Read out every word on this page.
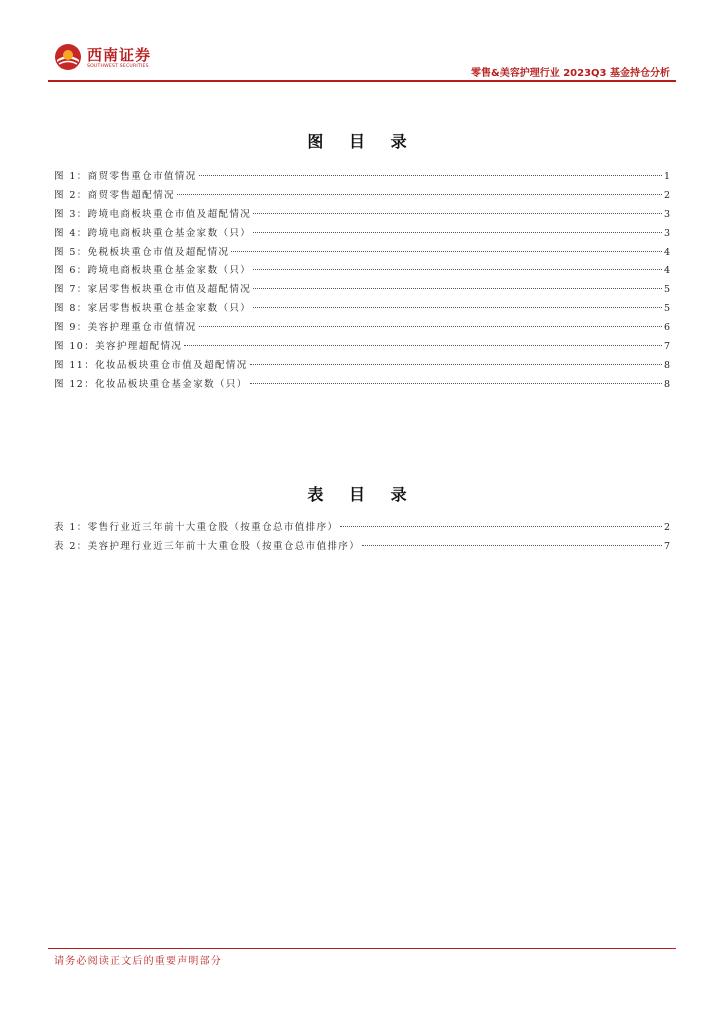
西南证券
SOUTHWEST SECURITIES
零售&美容护理行业 2023Q3 基金持仓分析
图 目 录
图 1：商贸零售重仓市值情况	1
图 2：商贸零售超配情况	2
图 3：跨境电商板块重仓市值及超配情况	3
图 4：跨境电商板块重仓基金家数（只）	3
图 5：免税板块重仓市值及超配情况	4
图 6：跨境电商板块重仓基金家数（只）	4
图 7：家居零售板块重仓市值及超配情况	5
图 8：家居零售板块重仓基金家数（只）	5
图 9：美容护理重仓市值情况	6
图 10：美容护理超配情况	7
图 11：化妆品板块重仓市值及超配情况	8
图 12：化妆品板块重仓基金家数（只）	8
表 目 录
表 1：零售行业近三年前十大重仓股（按重仓总市值排序）	2
表 2：美容护理行业近三年前十大重仓股（按重仓总市值排序）	7
请务必阅读正文后的重要声明部分
